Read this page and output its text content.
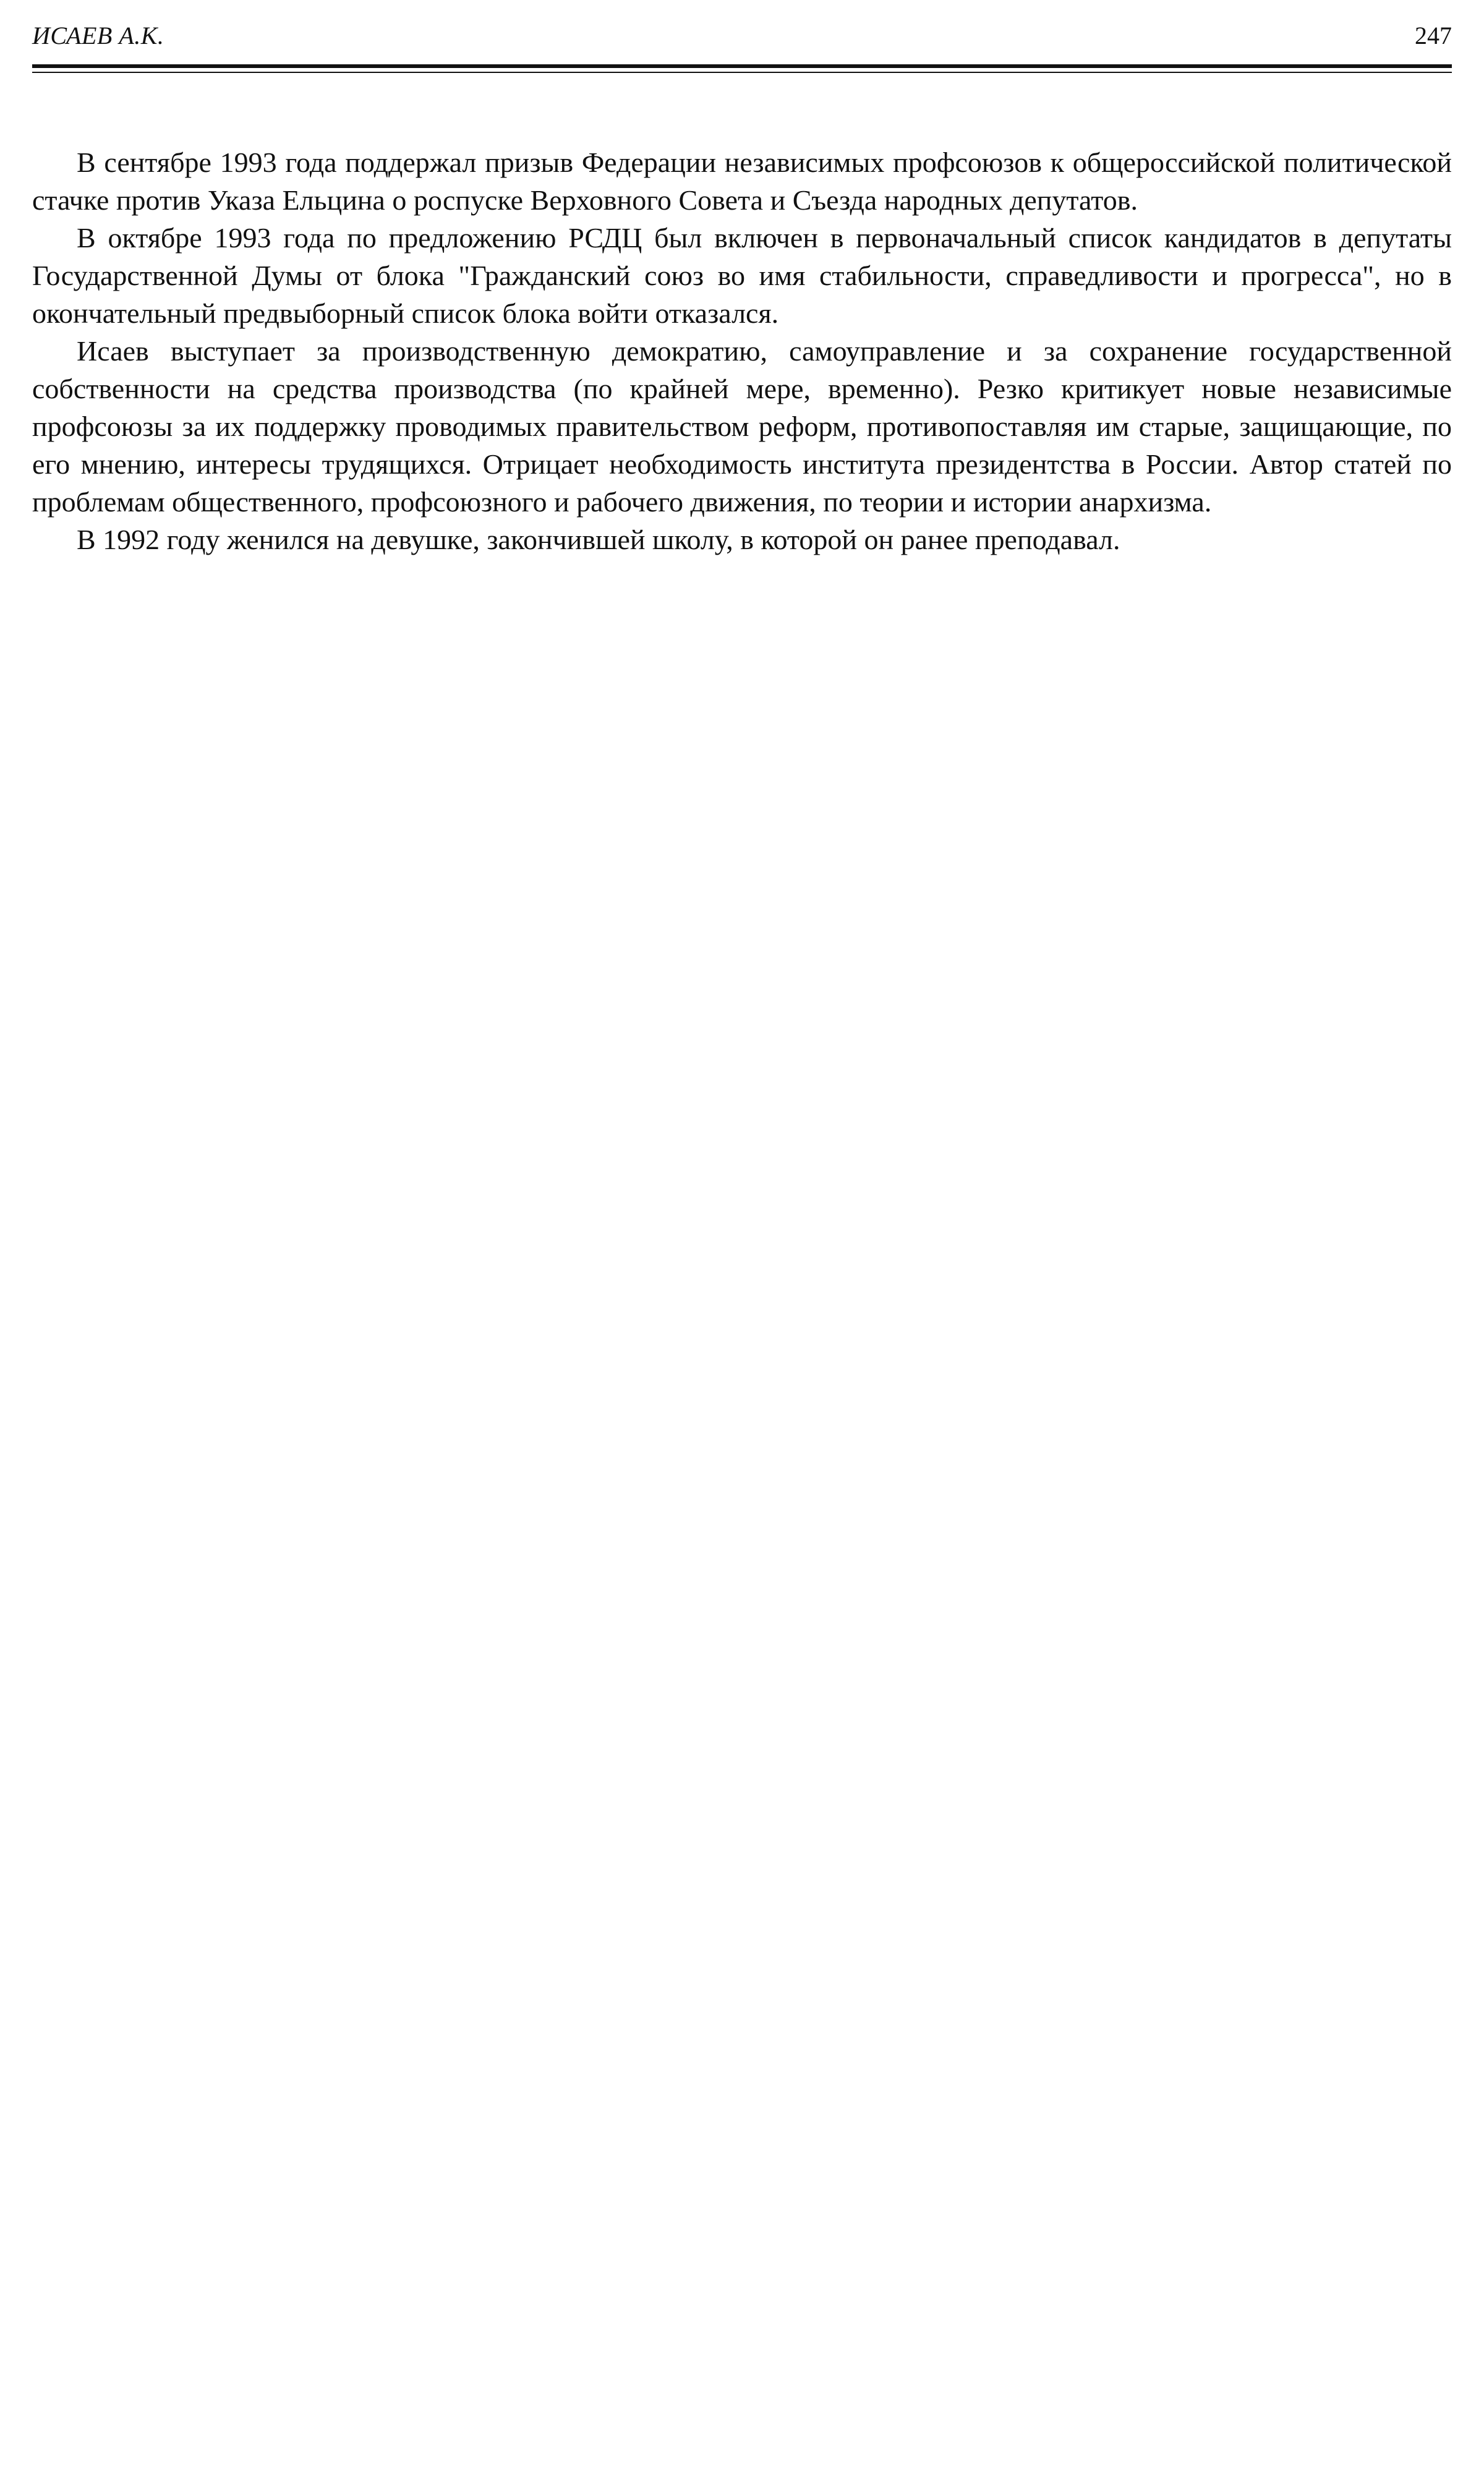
ИСАЕВ А.К.	247

В сентябре 1993 года поддержал призыв Федерации независимых профсоюзов к общероссийской политической стачке против Указа Ельцина о роспуске Верховного Совета и Съезда народных депутатов.

В октябре 1993 года по предложению РСДЦ был включен в первоначальный список кандидатов в депутаты Государственной Думы от блока "Гражданский союз во имя стабильности, справедливости и прогресса", но в окончательный предвыборный список блока войти отказался.

Исаев выступает за производственную демократию, самоуправление и за сохранение государственной собственности на средства производства (по крайней мере, временно). Резко критикует новые независимые профсоюзы за их поддержку проводимых правительством реформ, противопоставляя им старые, защищающие, по его мнению, интересы трудящихся. Отрицает необходимость института президентства в России. Автор статей по проблемам общественного, профсоюзного и рабочего движения, по теории и истории анархизма.

В 1992 году женился на девушке, закончившей школу, в которой он ранее преподавал.
